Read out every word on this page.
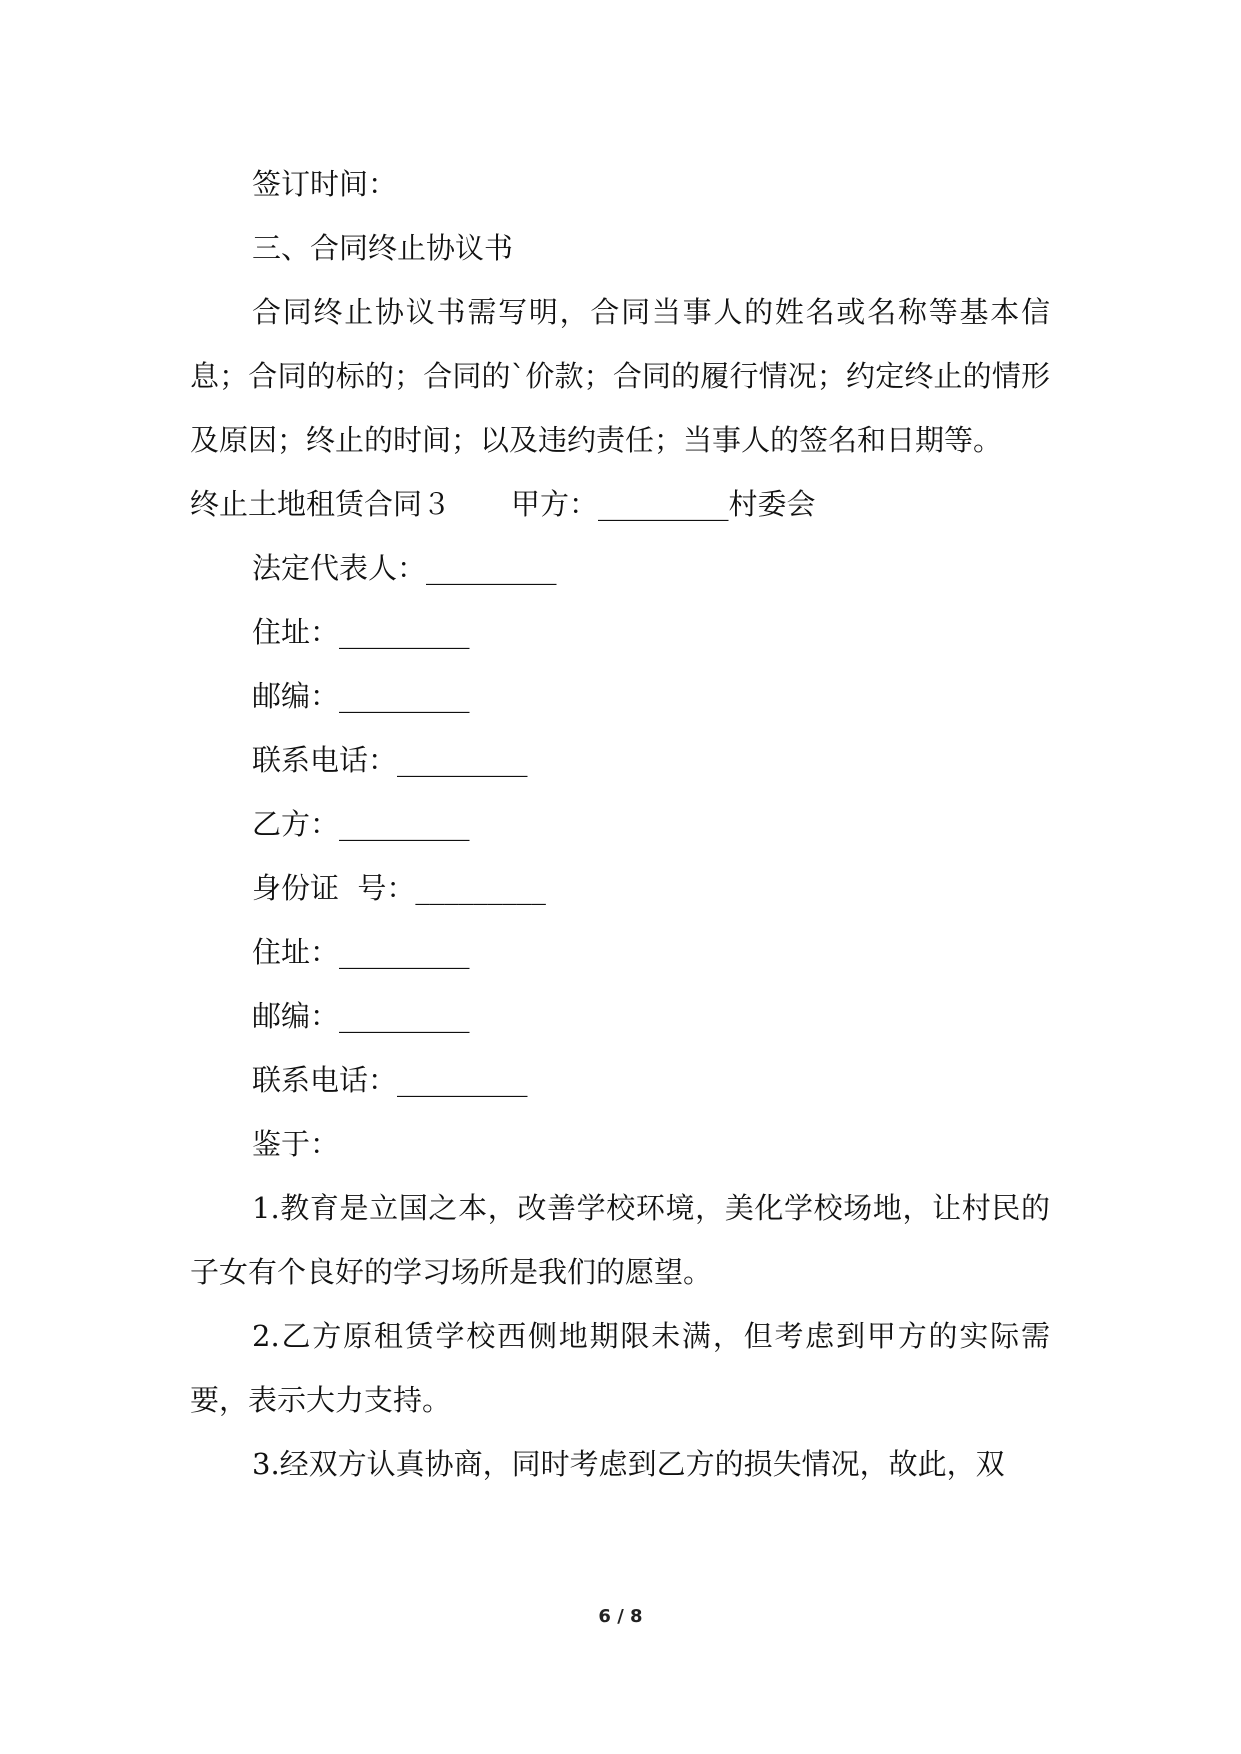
签订时间：

三、合同终止协议书

合同终止协议书需写明，合同当事人的姓名或名称等基本信息；合同的标的；合同的`价款；合同的履行情况；约定终止的情形及原因；终止的时间；以及违约责任；当事人的签名和日期等。

终止土地租赁合同３ 甲方：_________村委会

法定代表人：_________

住址：_________

邮编：_________

联系电话：_________

乙方：_________

身份证  号：_________

住址：_________

邮编：_________

联系电话：_________

鉴于：

1.教育是立国之本，改善学校环境，美化学校场地，让村民的子女有个良好的学习场所是我们的愿望。

2.乙方原租赁学校西侧地期限未满，但考虑到甲方的实际需要，表示大力支持。

3.经双方认真协商，同时考虑到乙方的损失情况，故此，双

6 / 8
